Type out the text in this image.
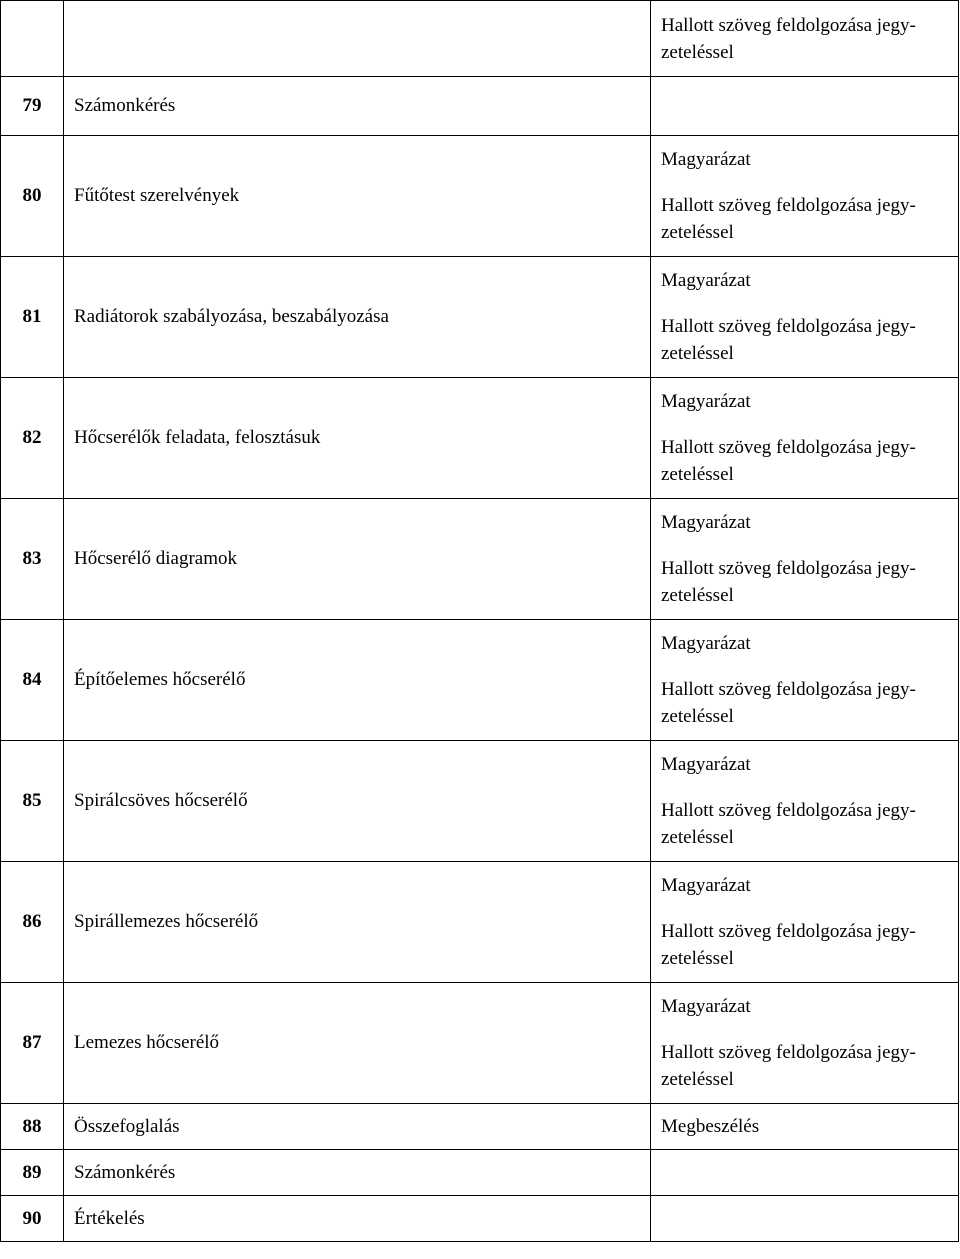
		Hallott szöveg feldolgozása jegy-
zeteléssel

79	Számonkérés	
80	Fűtőtest szerelvények	Magyarázat
Hallott szöveg feldolgozása jegy-
zeteléssel

81	Radiátorok szabályozása, beszabályozása	Magyarázat
Hallott szöveg feldolgozása jegy-
zeteléssel

82	Hőcserélők feladata, felosztásuk	Magyarázat
Hallott szöveg feldolgozása jegy-
zeteléssel

83	Hőcserélő diagramok	Magyarázat
Hallott szöveg feldolgozása jegy-
zeteléssel

84	Építőelemes hőcserélő	Magyarázat
Hallott szöveg feldolgozása jegy-
zeteléssel

85	Spirálcsöves hőcserélő	Magyarázat
Hallott szöveg feldolgozása jegy-
zeteléssel

86	Spirállemezes hőcserélő	Magyarázat
Hallott szöveg feldolgozása jegy-
zeteléssel

87	Lemezes hőcserélő	Magyarázat
Hallott szöveg feldolgozása jegy-
zeteléssel

88	Összefoglalás	Megbeszélés
89	Számonkérés	
90	Értékelés	
